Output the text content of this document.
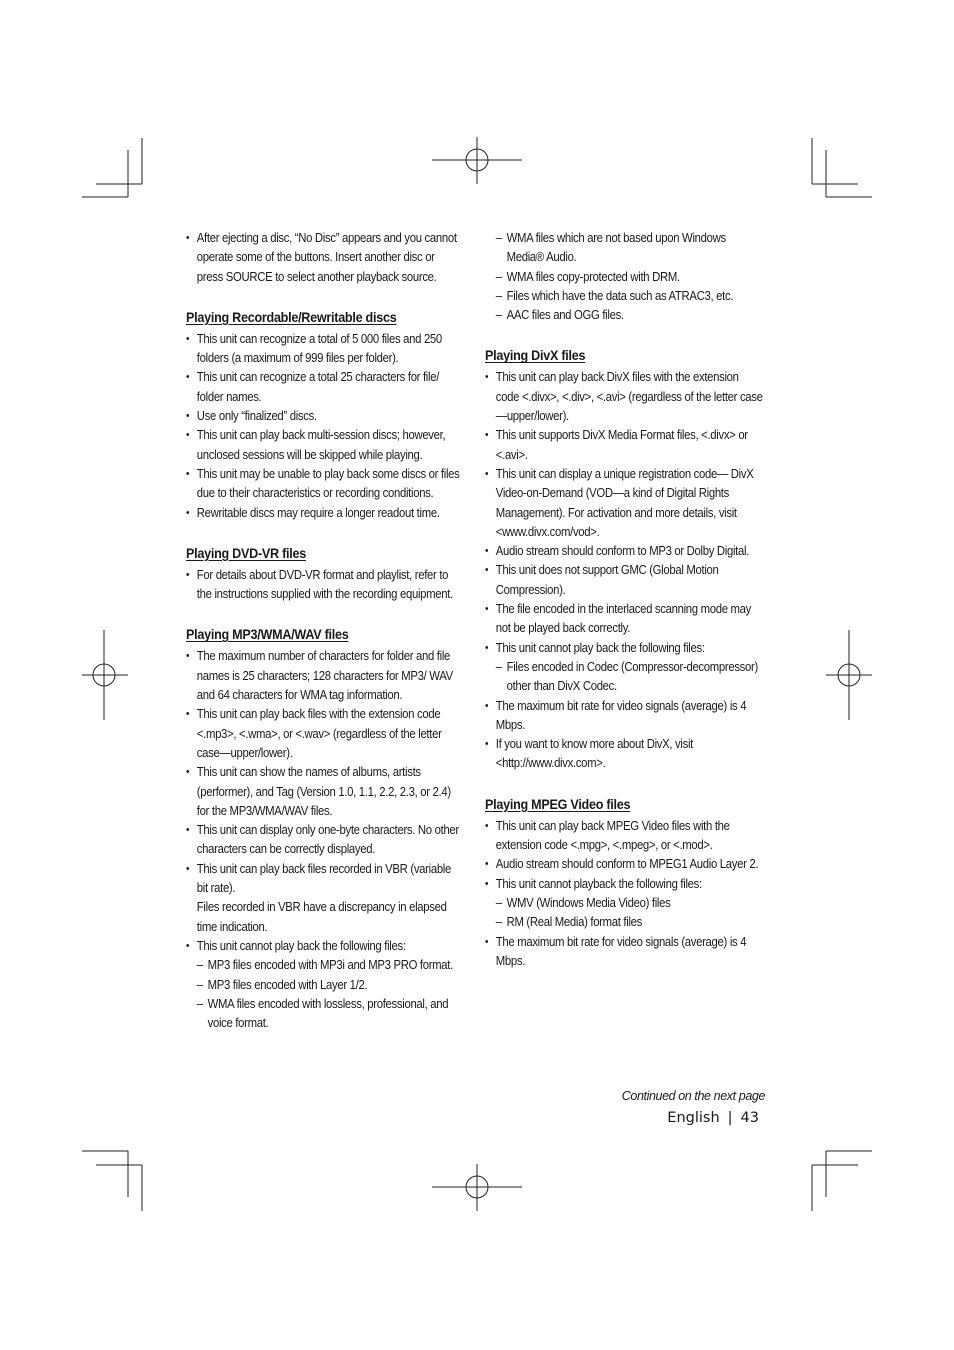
• After ejecting a disc, “No Disc” appears and you cannot operate some of the buttons. Insert another disc or press SOURCE to select another playback source.
Playing Recordable/Rewritable discs
• This unit can recognize a total of 5 000 files and 250 folders (a maximum of 999 files per folder).
• This unit can recognize a total 25 characters for file/ folder names.
• Use only “finalized” discs.
• This unit can play back multi-session discs; however, unclosed sessions will be skipped while playing.
• This unit may be unable to play back some discs or files due to their characteristics or recording conditions.
• Rewritable discs may require a longer readout time.
Playing DVD-VR files
• For details about DVD-VR format and playlist, refer to the instructions supplied with the recording equipment.
Playing MP3/WMA/WAV files
• The maximum number of characters for folder and file names is 25 characters; 128 characters for MP3/ WAV and 64 characters for WMA tag information.
• This unit can play back files with the extension code <.mp3>, <.wma>, or <.wav> (regardless of the letter case—upper/lower).
• This unit can show the names of albums, artists (performer), and Tag (Version 1.0, 1.1, 2.2, 2.3, or 2.4) for the MP3/WMA/WAV files.
• This unit can display only one-byte characters. No other characters can be correctly displayed.
• This unit can play back files recorded in VBR (variable bit rate).
Files recorded in VBR have a discrepancy in elapsed time indication.
• This unit cannot play back the following files:
– MP3 files encoded with MP3i and MP3 PRO format.
– MP3 files encoded with Layer 1/2.
– WMA files encoded with lossless, professional, and voice format.
– WMA files which are not based upon Windows Media® Audio.
– WMA files copy-protected with DRM.
– Files which have the data such as ATRAC3, etc.
– AAC files and OGG files.
Playing DivX files
• This unit can play back DivX files with the extension code <.divx>, <.div>, <.avi> (regardless of the letter case—upper/lower).
• This unit supports DivX Media Format files, <.divx> or <.avi>.
• This unit can display a unique registration code— DivX Video-on-Demand (VOD—a kind of Digital Rights Management). For activation and more details, visit <www.divx.com/vod>.
• Audio stream should conform to MP3 or Dolby Digital.
• This unit does not support GMC (Global Motion Compression).
• The file encoded in the interlaced scanning mode may not be played back correctly.
• This unit cannot play back the following files:
– Files encoded in Codec (Compressor-decompressor) other than DivX Codec.
• The maximum bit rate for video signals (average) is 4 Mbps.
• If you want to know more about DivX, visit <http://www.divx.com>.
Playing MPEG Video files
• This unit can play back MPEG Video files with the extension code <.mpg>, <.mpeg>, or <.mod>.
• Audio stream should conform to MPEG1 Audio Layer 2.
• This unit cannot playback the following files:
– WMV (Windows Media Video) files
– RM (Real Media) format files
• The maximum bit rate for video signals (average) is 4 Mbps.
Continued on the next page
English | 43
